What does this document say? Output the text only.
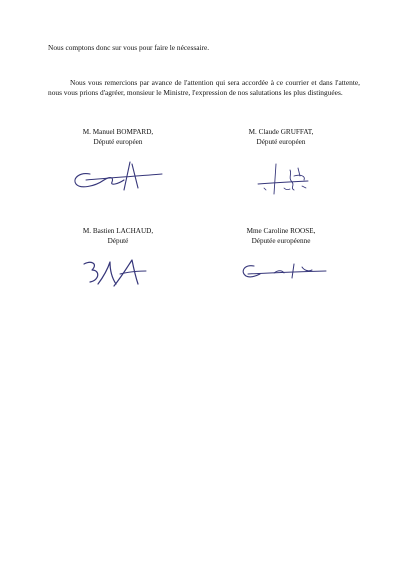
Nous comptons donc sur vous pour faire le nécessaire.
Nous vous remercions par avance de l'attention qui sera accordée à ce courrier et dans l'attente, nous vous prions d'agréer, monsieur le Ministre, l'expression de nos salutations les plus distinguées.
M. Manuel BOMPARD,
Député européen
M. Claude GRUFFAT,
Député européen
M. Bastien LACHAUD,
Député
Mme Caroline ROOSE,
Députée européenne
